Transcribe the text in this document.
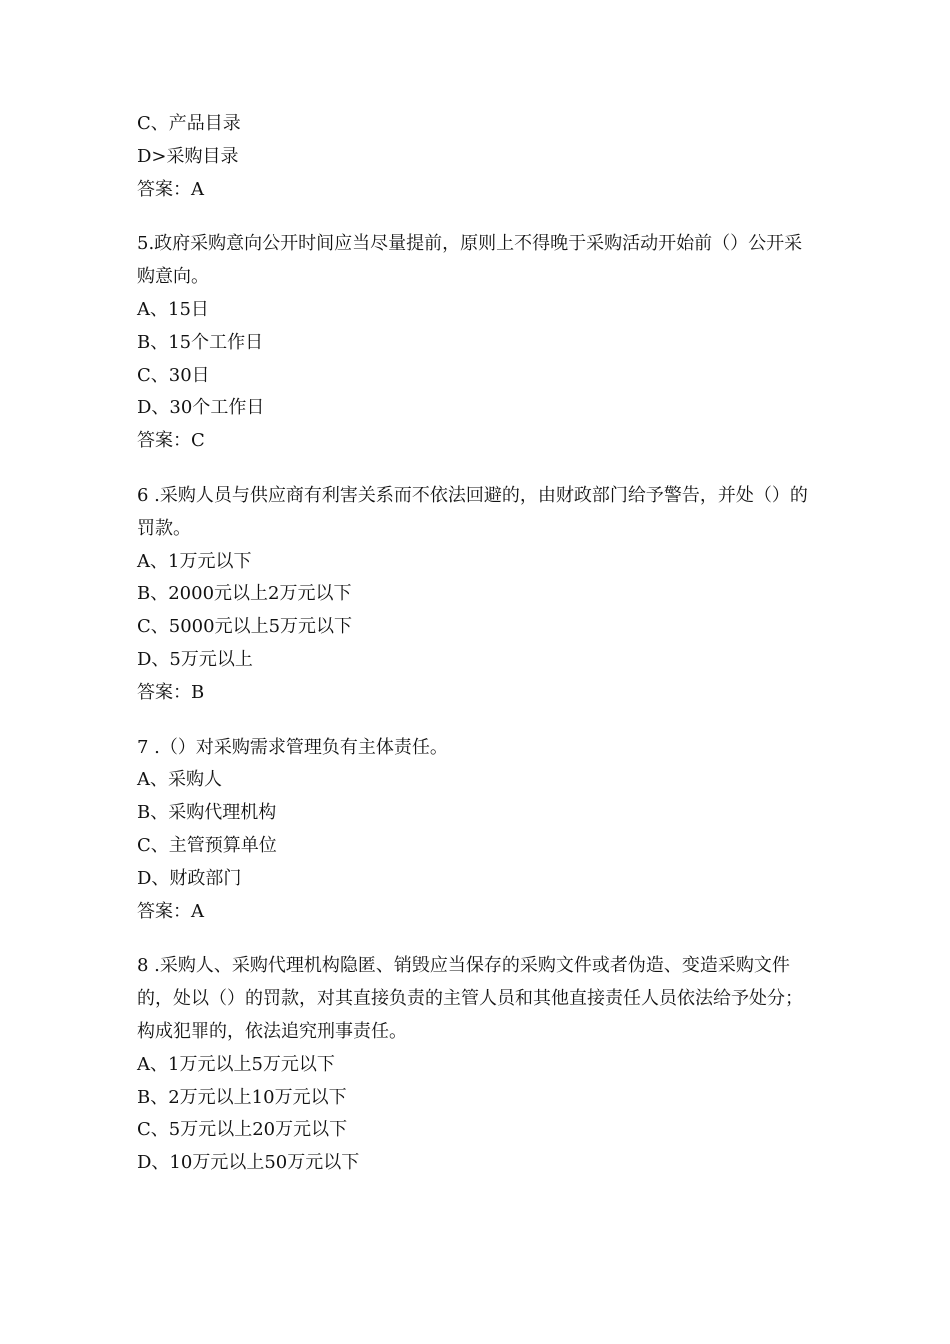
C、产品目录
D>采购目录
答案：A
5.政府采购意向公开时间应当尽量提前，原则上不得晚于采购活动开始前（）公开采购意向。
A、15日
B、15个工作日
C、30日
D、30个工作日
答案：C
6 .采购人员与供应商有利害关系而不依法回避的，由财政部门给予警告，并处（）的罚款。
A、1万元以下
B、2000元以上2万元以下
C、5000元以上5万元以下
D、5万元以上
答案：B
7 .（）对采购需求管理负有主体责任。
A、采购人
B、采购代理机构
C、主管预算单位
D、财政部门
答案：A
8 .采购人、采购代理机构隐匿、销毁应当保存的采购文件或者伪造、变造采购文件的，处以（）的罚款，对其直接负责的主管人员和其他直接责任人员依法给予处分；构成犯罪的，依法追究刑事责任。
A、1万元以上5万元以下
B、2万元以上10万元以下
C、5万元以上20万元以下
D、10万元以上50万元以下
